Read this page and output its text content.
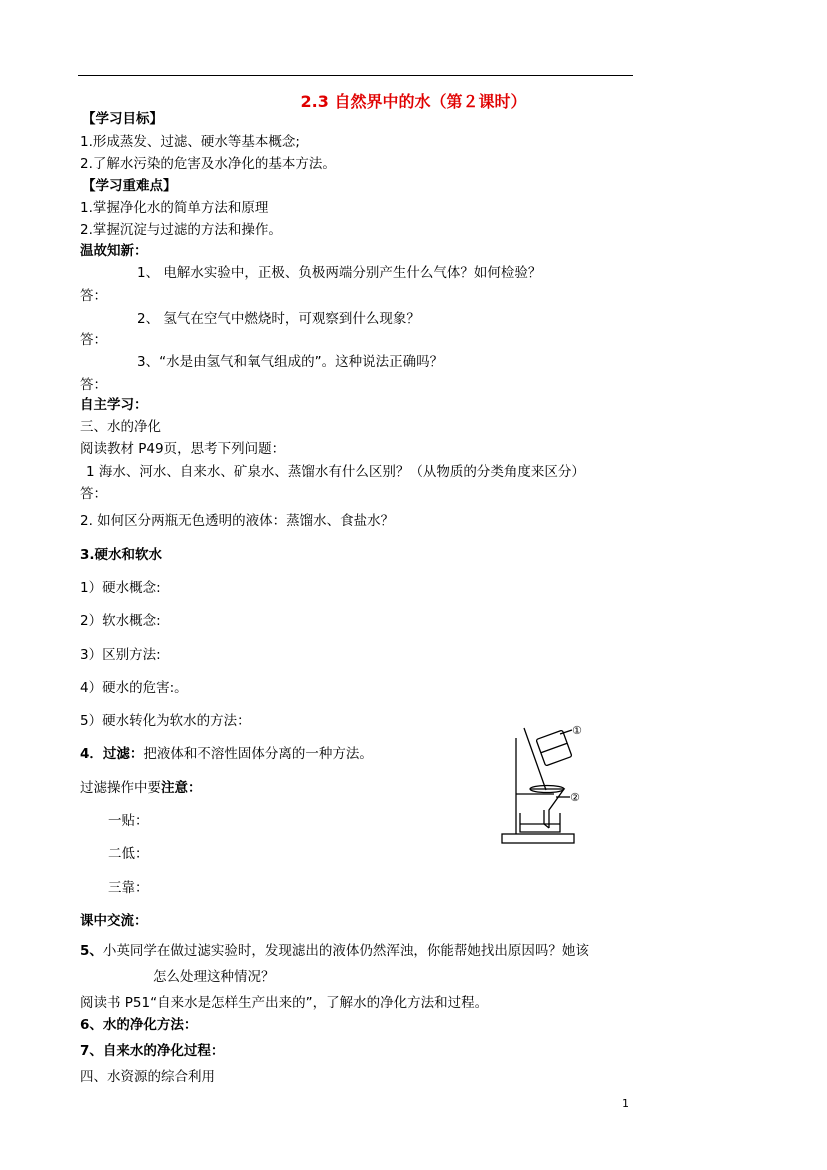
2.3 自然界中的水（第２课时）
【学习目标】
1.形成蒸发、过滤、硬水等基本概念;
2.了解水污染的危害及水净化的基本方法。
【学习重难点】
1.掌握净化水的简单方法和原理
2.掌握沉淀与过滤的方法和操作。
温故知新：
1、 电解水实验中，正极、负极两端分别产生什么气体？如何检验？
答：
2、 氢气在空气中燃烧时，可观察到什么现象？
答：
3、“水是由氢气和氧气组成的”。这种说法正确吗？
答：
自主学习：
三、水的净化
阅读教材 P49页，思考下列问题：
1 海水、河水、自来水、矿泉水、蒸馏水有什么区别？（从物质的分类角度来区分）
答：
2. 如何区分两瓶无色透明的液体：蒸馏水、食盐水？
3.硬水和软水
1）硬水概念:
2）软水概念:
3）区别方法:
4）硬水的危害:。
5）硬水转化为软水的方法：
4．过滤：把液体和不溶性固体分离的一种方法。
过滤操作中要注意：
一贴：
二低：
三靠：
课中交流：
5、小英同学在做过滤实验时，发现滤出的液体仍然浑浊，你能帮她找出原因吗？她该
怎么处理这种情况？
阅读书 P51“自来水是怎样生产出来的”，了解水的净化方法和过程。
6、水的净化方法：
7、自来水的净化过程：
四、水资源的综合利用
①
②
1
